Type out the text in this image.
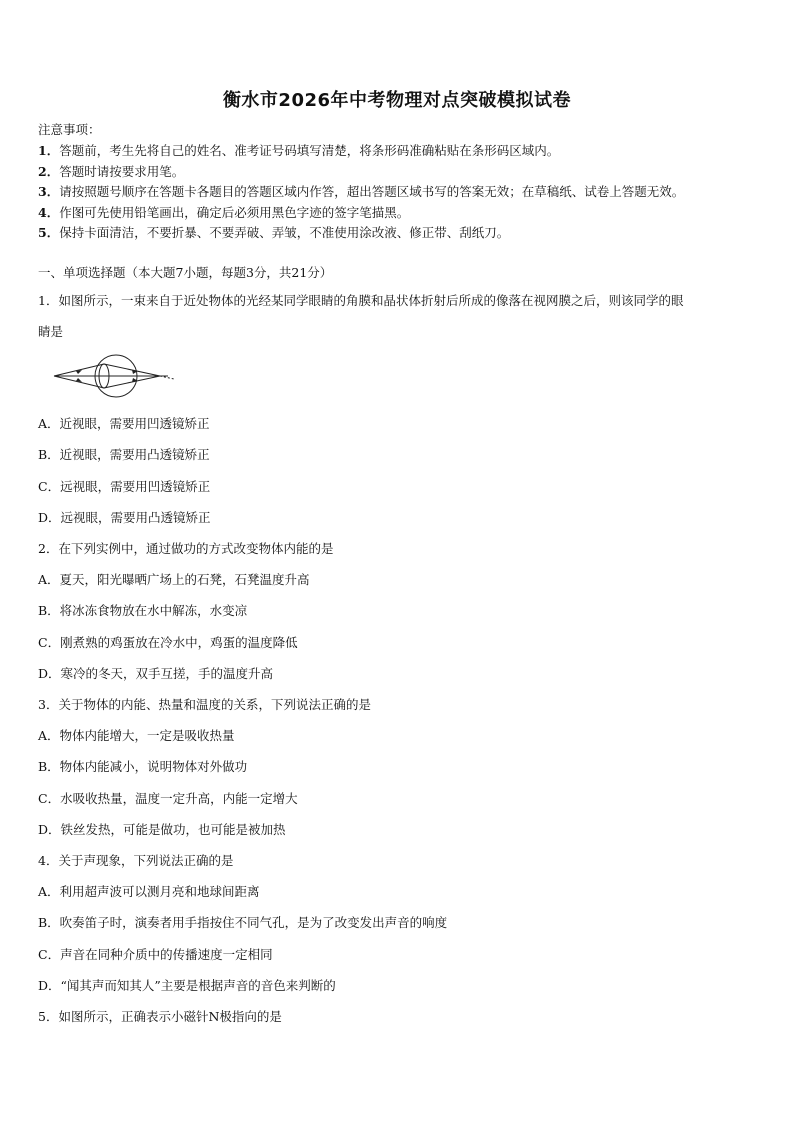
衡水市2026年中考物理对点突破模拟试卷
注意事项：
1．答题前，考生先将自己的姓名、准考证号码填写清楚，将条形码准确粘贴在条形码区域内。
2．答题时请按要求用笔。
3．请按照题号顺序在答题卡各题目的答题区域内作答，超出答题区域书写的答案无效；在草稿纸、试卷上答题无效。
4．作图可先使用铅笔画出，确定后必须用黑色字迹的签字笔描黑。
5．保持卡面清洁，不要折暴、不要弄破、弄皱，不准使用涂改液、修正带、刮纸刀。
一、单项选择题（本大题7小题，每题3分，共21分）
1．如图所示，一束来自于近处物体的光经某同学眼睛的角膜和晶状体折射后所成的像落在视网膜之后，则该同学的眼
睛是
A．近视眼，需要用凹透镜矫正
B．近视眼，需要用凸透镜矫正
C．远视眼，需要用凹透镜矫正
D．远视眼，需要用凸透镜矫正
2．在下列实例中，通过做功的方式改变物体内能的是
A．夏天，阳光曝晒广场上的石凳，石凳温度升高
B．将冰冻食物放在水中解冻，水变凉
C．刚煮熟的鸡蛋放在冷水中，鸡蛋的温度降低
D．寒冷的冬天，双手互搓，手的温度升高
3．关于物体的内能、热量和温度的关系，下列说法正确的是
A．物体内能增大，一定是吸收热量
B．物体内能减小，说明物体对外做功
C．水吸收热量，温度一定升高，内能一定增大
D．铁丝发热，可能是做功，也可能是被加热
4．关于声现象，下列说法正确的是
A．利用超声波可以测月亮和地球间距离
B．吹奏笛子时，演奏者用手指按住不同气孔，是为了改变发出声音的响度
C．声音在同种介质中的传播速度一定相同
D．“闻其声而知其人”主要是根据声音的音色来判断的
5．如图所示，正确表示小磁针N极指向的是
